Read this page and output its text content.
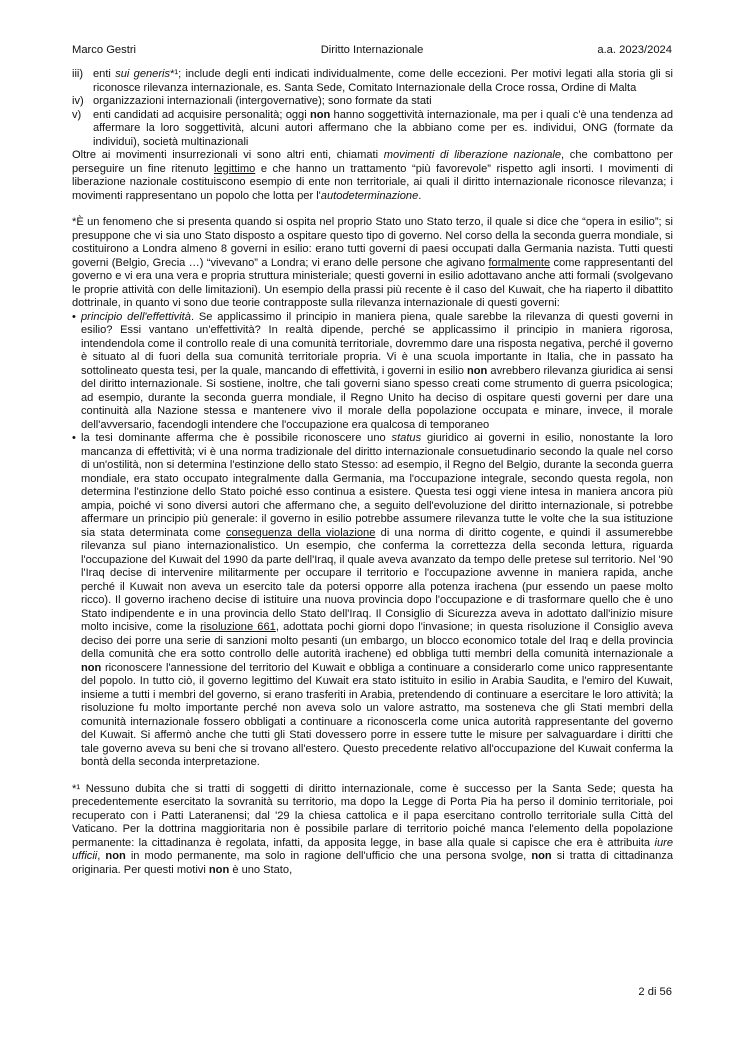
Marco Gestri	Diritto Internazionale	a.a. 2023/2024

iii) enti sui generis*¹; include degli enti indicati individualmente, come delle eccezioni. Per motivi legati alla storia gli si riconosce rilevanza internazionale, es. Santa Sede, Comitato Internazionale della Croce rossa, Ordine di Malta

iv) organizzazioni internazionali (intergovernative); sono formate da stati

v) enti candidati ad acquisire personalità; oggi non hanno soggettività internazionale, ma per i quali c'è una tendenza ad affermare la loro soggettività, alcuni autori affermano che la abbiano come per es. individui, ONG (formate da individui), società multinazionali

Oltre ai movimenti insurrezionali vi sono altri enti, chiamati movimenti di liberazione nazionale, che combattono per perseguire un fine ritenuto legittimo e che hanno un trattamento “più favorevole” rispetto agli insorti. I movimenti di liberazione nazionale costituiscono esempio di ente non territoriale, ai quali il diritto internazionale riconosce rilevanza; i movimenti rappresentano un popolo che lotta per l'autodeterminazione.

*È un fenomeno che si presenta quando si ospita nel proprio Stato uno Stato terzo, il quale si dice che “opera in esilio”; si presuppone che vi sia uno Stato disposto a ospitare questo tipo di governo. Nel corso della la seconda guerra mondiale, si costituirono a Londra almeno 8 governi in esilio: erano tutti governi di paesi occupati dalla Germania nazista. Tutti questi governi (Belgio, Grecia …) “vivevano” a Londra; vi erano delle persone che agivano formalmente come rappresentanti del governo e vi era una vera e propria struttura ministeriale; questi governi in esilio adottavano anche atti formali (svolgevano le proprie attività con delle limitazioni). Un esempio della prassi più recente è il caso del Kuwait, che ha riaperto il dibattito dottrinale, in quanto vi sono due teorie contrapposte sulla rilevanza internazionale di questi governi:

• principio dell'effettività. Se applicassimo il principio in maniera piena, quale sarebbe la rilevanza di questi governi in esilio? Essi vantano un'effettività? In realtà dipende, perché se applicassimo il principio in maniera rigorosa, intendendola come il controllo reale di una comunità territoriale, dovremmo dare una risposta negativa, perché il governo è situato al di fuori della sua comunità territoriale propria. Vi è una scuola importante in Italia, che in passato ha sottolineato questa tesi, per la quale, mancando di effettività, i governi in esilio non avrebbero rilevanza giuridica ai sensi del diritto internazionale. Si sostiene, inoltre, che tali governi siano spesso creati come strumento di guerra psicologica; ad esempio, durante la seconda guerra mondiale, il Regno Unito ha deciso di ospitare questi governi per dare una continuità alla Nazione stessa e mantenere vivo il morale della popolazione occupata e minare, invece, il morale dell'avversario, facendogli intendere che l'occupazione era qualcosa di temporaneo

• la tesi dominante afferma che è possibile riconoscere uno status giuridico ai governi in esilio, nonostante la loro mancanza di effettività; vi è una norma tradizionale del diritto internazionale consuetudinario secondo la quale nel corso di un'ostilità, non si determina l'estinzione dello stato Stesso: ad esempio, il Regno del Belgio, durante la seconda guerra mondiale, era stato occupato integralmente dalla Germania, ma l'occupazione integrale, secondo questa regola, non determina l'estinzione dello Stato poiché esso continua a esistere. Questa tesi oggi viene intesa in maniera ancora più ampia, poiché vi sono diversi autori che affermano che, a seguito dell'evoluzione del diritto internazionale, si potrebbe affermare un principio più generale: il governo in esilio potrebbe assumere rilevanza tutte le volte che la sua istituzione sia stata determinata come conseguenza della violazione di una norma di diritto cogente, e quindi il assumerebbe rilevanza sul piano internazionalistico. Un esempio, che conferma la correttezza della seconda lettura, riguarda l'occupazione del Kuwait del 1990 da parte dell'Iraq, il quale aveva avanzato da tempo delle pretese sul territorio. Nel '90 l'Iraq decise di intervenire militarmente per occupare il territorio e l'occupazione avvenne in maniera rapida, anche perché il Kuwait non aveva un esercito tale da potersi opporre alla potenza irachena (pur essendo un paese molto ricco). Il governo iracheno decise di istituire una nuova provincia dopo l'occupazione e di trasformare quello che è uno Stato indipendente e in una provincia dello Stato dell'Iraq. Il Consiglio di Sicurezza aveva in adottato dall'inizio misure molto incisive, come la risoluzione 661, adottata pochi giorni dopo l'invasione; in questa risoluzione il Consiglio aveva deciso dei porre una serie di sanzioni molto pesanti (un embargo, un blocco economico totale del Iraq e della provincia della comunità che era sotto controllo delle autorità irachene) ed obbliga tutti membri della comunità internazionale a non riconoscere l'annessione del territorio del Kuwait e obbliga a continuare a considerarlo come unico rappresentante del popolo. In tutto ciò, il governo legittimo del Kuwait era stato istituito in esilio in Arabia Saudita, e l'emiro del Kuwait, insieme a tutti i membri del governo, si erano trasferiti in Arabia, pretendendo di continuare a esercitare le loro attività; la risoluzione fu molto importante perché non aveva solo un valore astratto, ma sosteneva che gli Stati membri della comunità internazionale fossero obbligati a continuare a riconoscerla come unica autorità rappresentante del governo del Kuwait. Si affermò anche che tutti gli Stati dovessero porre in essere tutte le misure per salvaguardare i diritti che tale governo aveva su beni che si trovano all'estero. Questo precedente relativo all'occupazione del Kuwait conferma la bontà della seconda interpretazione.

*¹ Nessuno dubita che si tratti di soggetti di diritto internazionale, come è successo per la Santa Sede; questa ha precedentemente esercitato la sovranità su territorio, ma dopo la Legge di Porta Pia ha perso il dominio territoriale, poi recuperato con i Patti Lateranensi; dal '29 la chiesa cattolica e il papa esercitano controllo territoriale sulla Città del Vaticano. Per la dottrina maggioritaria non è possibile parlare di territorio poiché manca l'elemento della popolazione permanente: la cittadinanza è regolata, infatti, da apposita legge, in base alla quale si capisce che era è attribuita iure ufficii, non in modo permanente, ma solo in ragione dell'ufficio che una persona svolge, non si tratta di cittadinanza originaria. Per questi motivi non è uno Stato,

2 di 56
